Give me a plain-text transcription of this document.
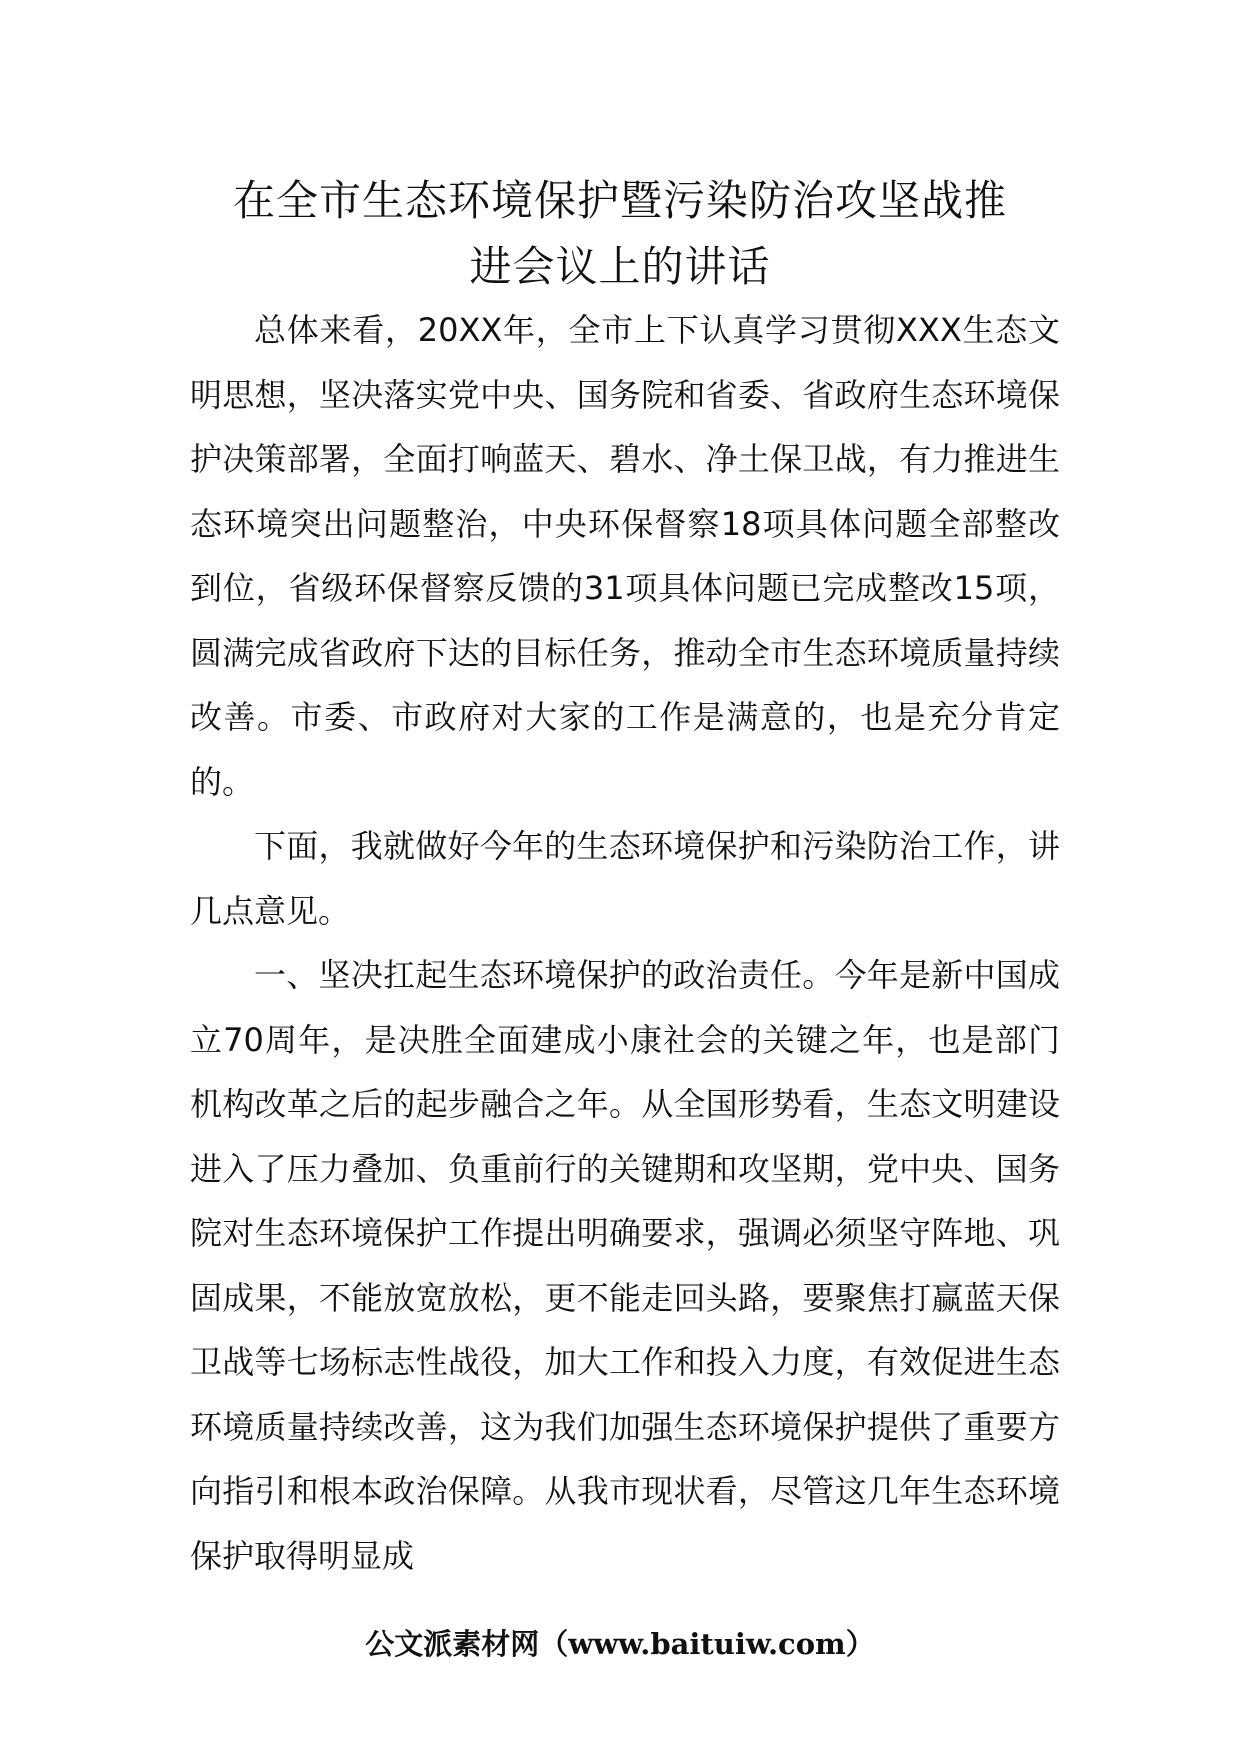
在全市生态环境保护暨污染防治攻坚战推
进会议上的讲话

总体来看，20XX年，全市上下认真学习贯彻XXX生态文明思想，坚决落实党中央、国务院和省委、省政府生态环境保护决策部署，全面打响蓝天、碧水、净土保卫战，有力推进生态环境突出问题整治，中央环保督察18项具体问题全部整改到位，省级环保督察反馈的31项具体问题已完成整改15项，圆满完成省政府下达的目标任务，推动全市生态环境质量持续改善。市委、市政府对大家的工作是满意的，也是充分肯定的。

下面，我就做好今年的生态环境保护和污染防治工作，讲几点意见。

一、坚决扛起生态环境保护的政治责任。今年是新中国成立70周年，是决胜全面建成小康社会的关键之年，也是部门机构改革之后的起步融合之年。从全国形势看，生态文明建设进入了压力叠加、负重前行的关键期和攻坚期，党中央、国务院对生态环境保护工作提出明确要求，强调必须坚守阵地、巩固成果，不能放宽放松，更不能走回头路，要聚焦打赢蓝天保卫战等七场标志性战役，加大工作和投入力度，有效促进生态环境质量持续改善，这为我们加强生态环境保护提供了重要方向指引和根本政治保障。从我市现状看，尽管这几年生态环境保护取得明显成

公文派素材网（www.baituiw.com）
